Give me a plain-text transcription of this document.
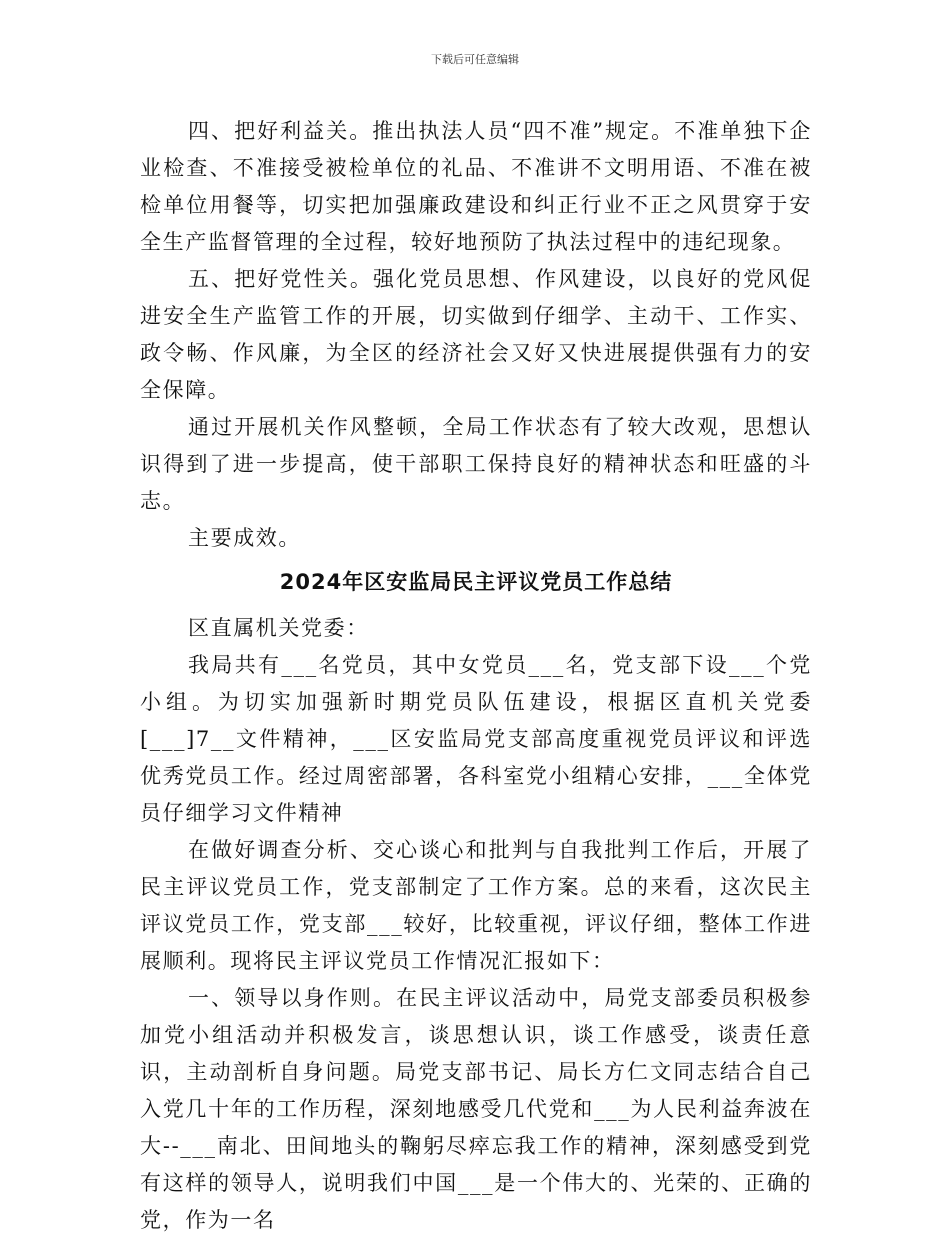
下载后可任意编辑

四、把好利益关。推出执法人员“四不准”规定。不准单独下企业检查、不准接受被检单位的礼品、不准讲不文明用语、不准在被检单位用餐等，切实把加强廉政建设和纠正行业不正之风贯穿于安全生产监督管理的全过程，较好地预防了执法过程中的违纪现象。

五、把好党性关。强化党员思想、作风建设，以良好的党风促进安全生产监管工作的开展，切实做到仔细学、主动干、工作实、政令畅、作风廉，为全区的经济社会又好又快进展提供强有力的安全保障。

通过开展机关作风整顿，全局工作状态有了较大改观，思想认识得到了进一步提高，使干部职工保持良好的精神状态和旺盛的斗志。

主要成效。

2024年区安监局民主评议党员工作总结

区直属机关党委：

我局共有___名党员，其中女党员___名，党支部下设___个党小组。为切实加强新时期党员队伍建设，根据区直机关党委[___]7__文件精神，___区安监局党支部高度重视党员评议和评选优秀党员工作。经过周密部署，各科室党小组精心安排，___全体党员仔细学习文件精神

在做好调查分析、交心谈心和批判与自我批判工作后，开展了民主评议党员工作，党支部制定了工作方案。总的来看，这次民主评议党员工作，党支部___较好，比较重视，评议仔细，整体工作进展顺利。现将民主评议党员工作情况汇报如下：

一、领导以身作则。在民主评议活动中，局党支部委员积极参加党小组活动并积极发言，谈思想认识，谈工作感受，谈责任意识，主动剖析自身问题。局党支部书记、局长方仁文同志结合自己入党几十年的工作历程，深刻地感受几代党和___为人民利益奔波在大--___南北、田间地头的鞠躬尽瘁忘我工作的精神，深刻感受到党有这样的领导人，说明我们中国___是一个伟大的、光荣的、正确的党，作为一名
